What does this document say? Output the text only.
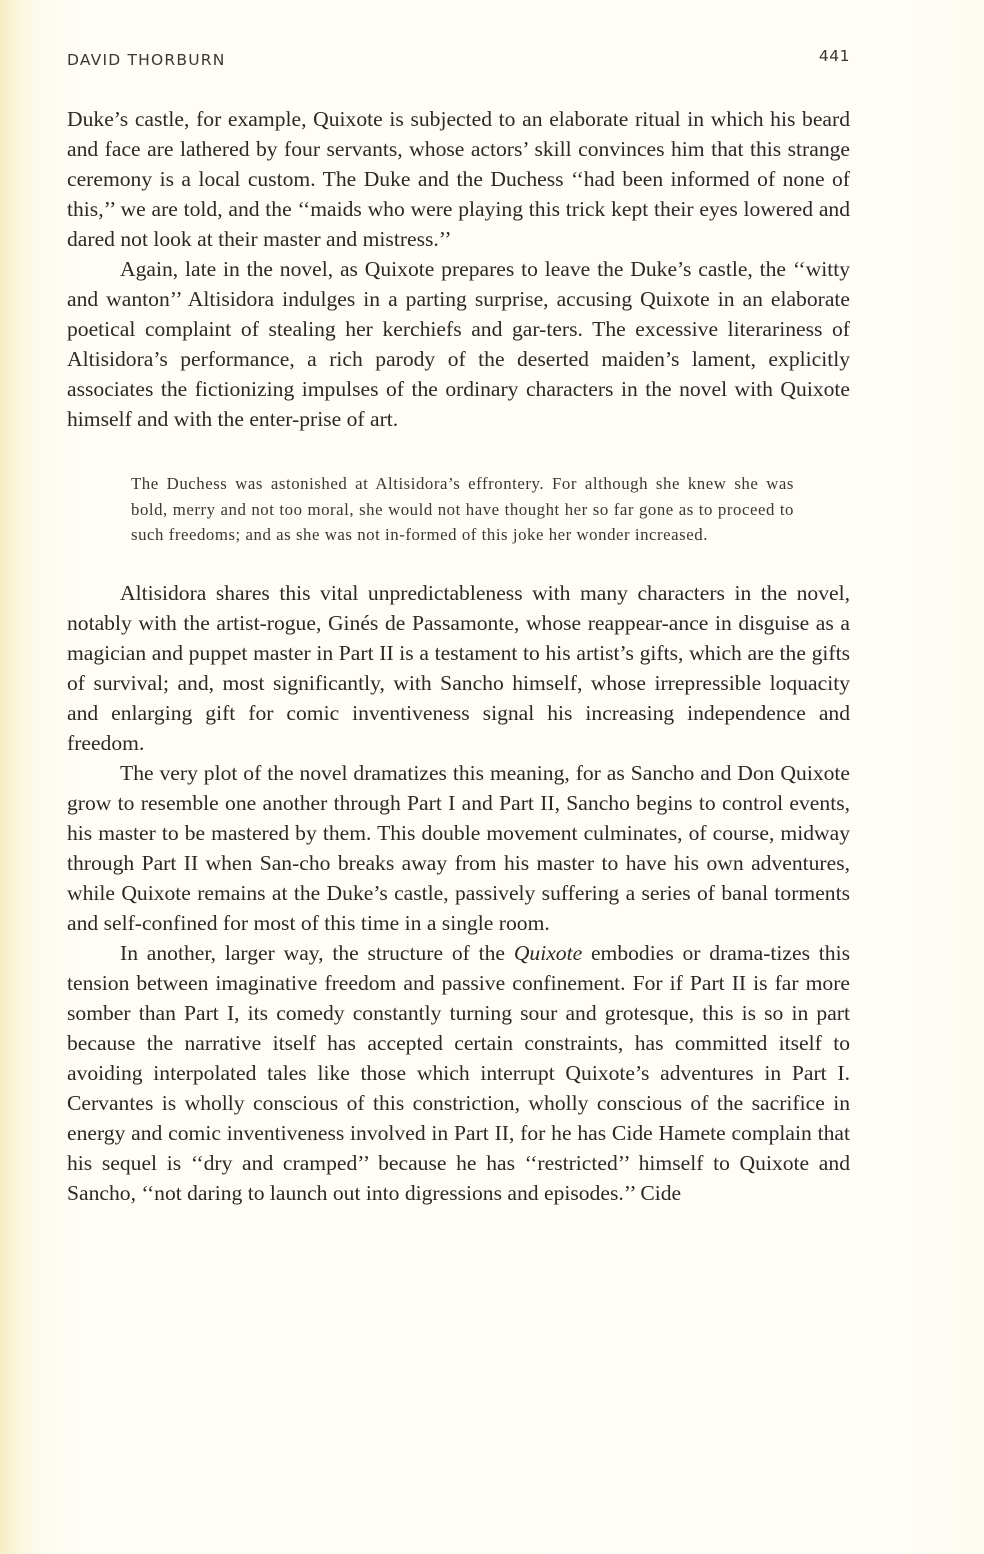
DAVID THORBURN	441

Duke’s castle, for example, Quixote is subjected to an elaborate ritual in which his beard and face are lathered by four servants, whose actors’ skill convinces him that this strange ceremony is a local custom. The Duke and the Duchess ‘‘had been informed of none of this,’’ we are told, and the ‘‘maids who were playing this trick kept their eyes lowered and dared not look at their master and mistress.’’

Again, late in the novel, as Quixote prepares to leave the Duke’s castle, the ‘‘witty and wanton’’ Altisidora indulges in a parting surprise, accusing Quixote in an elaborate poetical complaint of stealing her kerchiefs and gar-ters. The excessive literariness of Altisidora’s performance, a rich parody of the deserted maiden’s lament, explicitly associates the fictionizing impulses of the ordinary characters in the novel with Quixote himself and with the enter-prise of art.

The Duchess was astonished at Altisidora’s effrontery. For although she knew she was bold, merry and not too moral, she would not have thought her so far gone as to proceed to such freedoms; and as she was not in-formed of this joke her wonder increased.

Altisidora shares this vital unpredictableness with many characters in the novel, notably with the artist-rogue, Ginés de Passamonte, whose reappear-ance in disguise as a magician and puppet master in Part II is a testament to his artist’s gifts, which are the gifts of survival; and, most significantly, with Sancho himself, whose irrepressible loquacity and enlarging gift for comic inventiveness signal his increasing independence and freedom.

The very plot of the novel dramatizes this meaning, for as Sancho and Don Quixote grow to resemble one another through Part I and Part II, Sancho begins to control events, his master to be mastered by them. This double movement culminates, of course, midway through Part II when San-cho breaks away from his master to have his own adventures, while Quixote remains at the Duke’s castle, passively suffering a series of banal torments and self-confined for most of this time in a single room.

In another, larger way, the structure of the Quixote embodies or drama-tizes this tension between imaginative freedom and passive confinement. For if Part II is far more somber than Part I, its comedy constantly turning sour and grotesque, this is so in part because the narrative itself has accepted certain constraints, has committed itself to avoiding interpolated tales like those which interrupt Quixote’s adventures in Part I. Cervantes is wholly conscious of this constriction, wholly conscious of the sacrifice in energy and comic inventiveness involved in Part II, for he has Cide Hamete complain that his sequel is ‘‘dry and cramped’’ because he has ‘‘restricted’’ himself to Quixote and Sancho, ‘‘not daring to launch out into digressions and episodes.’’ Cide
